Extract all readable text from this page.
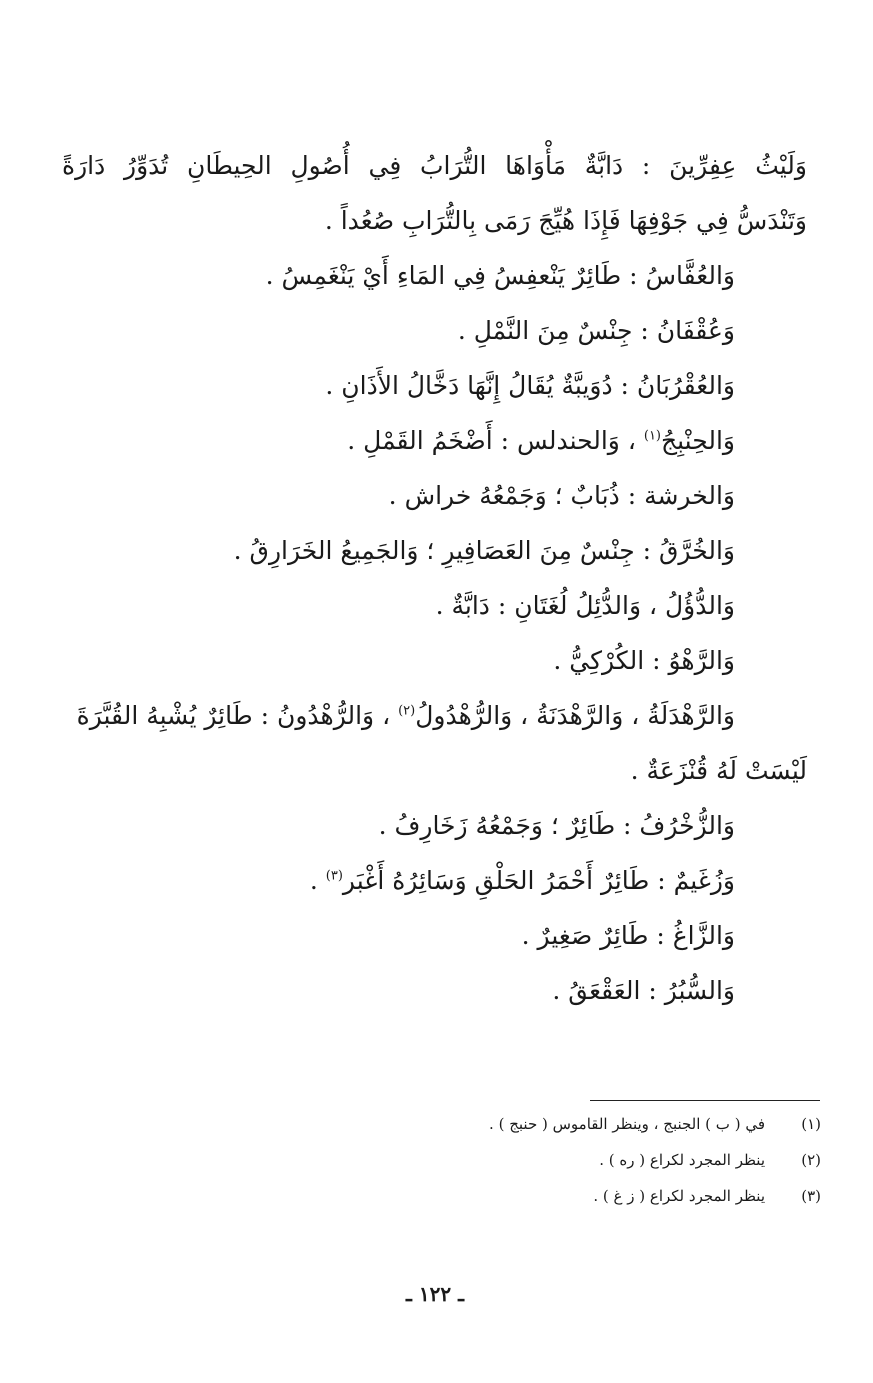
وَلَيْثُ عِفِرِّينَ : دَابَّةٌ مَأْوَاهَا التُّرَابُ فِي أُصُولِ الحِيطَانِ تُدَوِّرُ دَارَةً
وَتَنْدَسُّ فِي جَوْفِهَا فَإِذَا هُيِّجَ رَمَى بِالتُّرَابِ صُعُداً .
وَالعُفَّاسُ : طَائِرٌ يَنْعفِسُ فِي المَاءِ أَيْ يَنْغَمِسُ .
وَعُقْفَانُ : جِنْسٌ مِنَ النَّمْلِ .
وَالعُقْرُبَانُ : دُوَيبَّةٌ يُقَالُ إِنَّهَا دَخَّالُ الأَذَانِ .
وَالحِنْبِجُ$^{(١)}$ ، وَالحندلس : أَضْخَمُ القَمْلِ .
وَالخرشة : ذُبَابٌ ؛ وَجَمْعُهُ خراش .
وَالخُرَّقُ : جِنْسٌ مِنَ العَصَافِيرِ ؛ وَالجَمِيعُ الخَرَارِقُ .
وَالدُّؤُلُ ، وَالدُّئِلُ لُغَتَانِ : دَابَّةٌ .
وَالرَّهْوُ : الكُرْكِيُّ .
وَالرَّهْدَلَةُ ، وَالرَّهْدَنَةُ ، وَالرُّهْدُولُ$^{(٢)}$ ، وَالرُّهْدُونُ : طَائِرٌ يُشْبِهُ القُبَّرَةَ
لَيْسَتْ لَهُ قُنْزَعَةٌ .
وَالزُّخْرُفُ : طَائِرٌ ؛ وَجَمْعُهُ زَخَارِفُ .
وَزُغَيمٌ : طَائِرٌ أَحْمَرُ الحَلْقِ وَسَائِرُهُ أَغْبَر$^{(٣)}$ .
وَالزَّاغُ : طَائِرٌ صَغِيرٌ .
وَالسُّبُرُ : العَقْعَقُ .
(١)في ( ب ) الجنبج ، وينظر القاموس ( حنبج ) .
(٢)ينظر المجرد لكراع ( ره ) .
(٣)ينظر المجرد لكراع ( ز غ ) .
ـ ١٢٢ ـ
